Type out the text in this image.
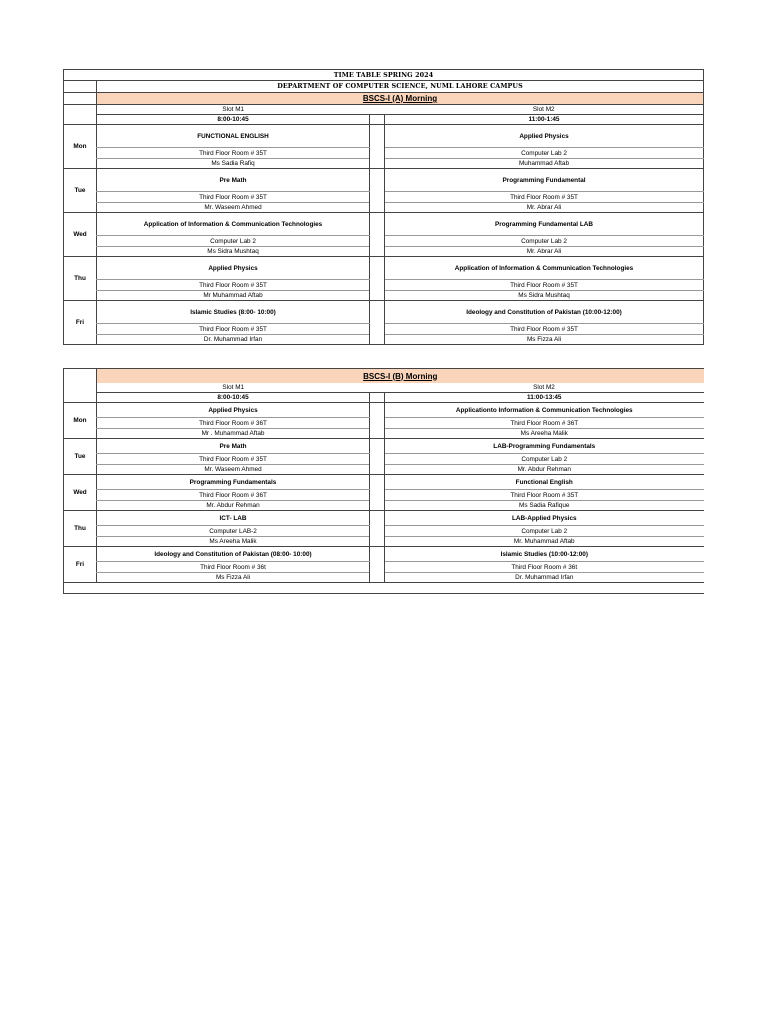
TIME TABLE SPRING 2024			
	DEPARTMENT OF COMPUTER SCIENCE, NUML LAHORE CAMPUS		
	BSCS-I (A) Morning		
	Slot M1		Slot M2
	8:00-10:45		11:00-1:45
Mon	FUNCTIONAL ENGLISH		Applied Physics
	Third Floor Room # 35T		Computer Lab 2
	Ms Sadia Rafiq		Muhammad Aftab
Tue	Pre Math		Programming Fundamental
	Third Floor Room # 35T		Third Floor Room # 35T
	Mr. Waseem Ahmed		Mr. Abrar Ali
Wed	Application of Information & Communication Technologies		Programming Fundamental LAB
	Computer Lab 2		Computer Lab 2
	Ms Sidra Mushtaq		Mr. Abrar Ali
Thu	Applied Physics		Application of Information & Communication Technologies
	Third Floor Room # 35T		Third Floor Room # 35T
	Mr Muhammad Aftab		Ms Sidra Mushtaq
Fri	Islamic Studies (8:00- 10:00)		Ideology and Constitution of Pakistan (10:00-12:00)
	Third Floor Room # 35T		Third Floor Room # 35T
	Dr. Muhammad Irfan		Ms Fizza Ali
	BSCS-I (B) Morning		
	Slot M1		Slot M2
	8:00-10:45		11:00-13:45
Mon	Applied Physics		Applicationto Information & Communication Technologies
	Third Floor Room # 36T		Third Floor Room # 36T
	Mr . Muhammad Aftab		Ms Areeha Malik
Tue	Pre Math		LAB-Programming Fundamentals
	Third Floor Room # 35T		Computer Lab 2
	Mr. Waseem Ahmed		Mr. Abdur Rehman
Wed	Programming Fundamentals		Functional English
	Third Floor Room # 36T		Third Floor Room # 35T
	Mr. Abdur Rehman		Ms Sadia Rafique
Thu	ICT- LAB		LAB-Applied Physics
	Computer LAB-2		Computer Lab 2
	Ms Areeha Malik		Mr. Muhammad Aftab
Fri	Ideology and Constitution of Pakistan (08:00- 10:00)		Islamic Studies (10:00-12:00)
	Third Floor Room # 36t		Third Floor Room # 36t
	Ms Fizza Ali		Dr. Muhammad Irfan
